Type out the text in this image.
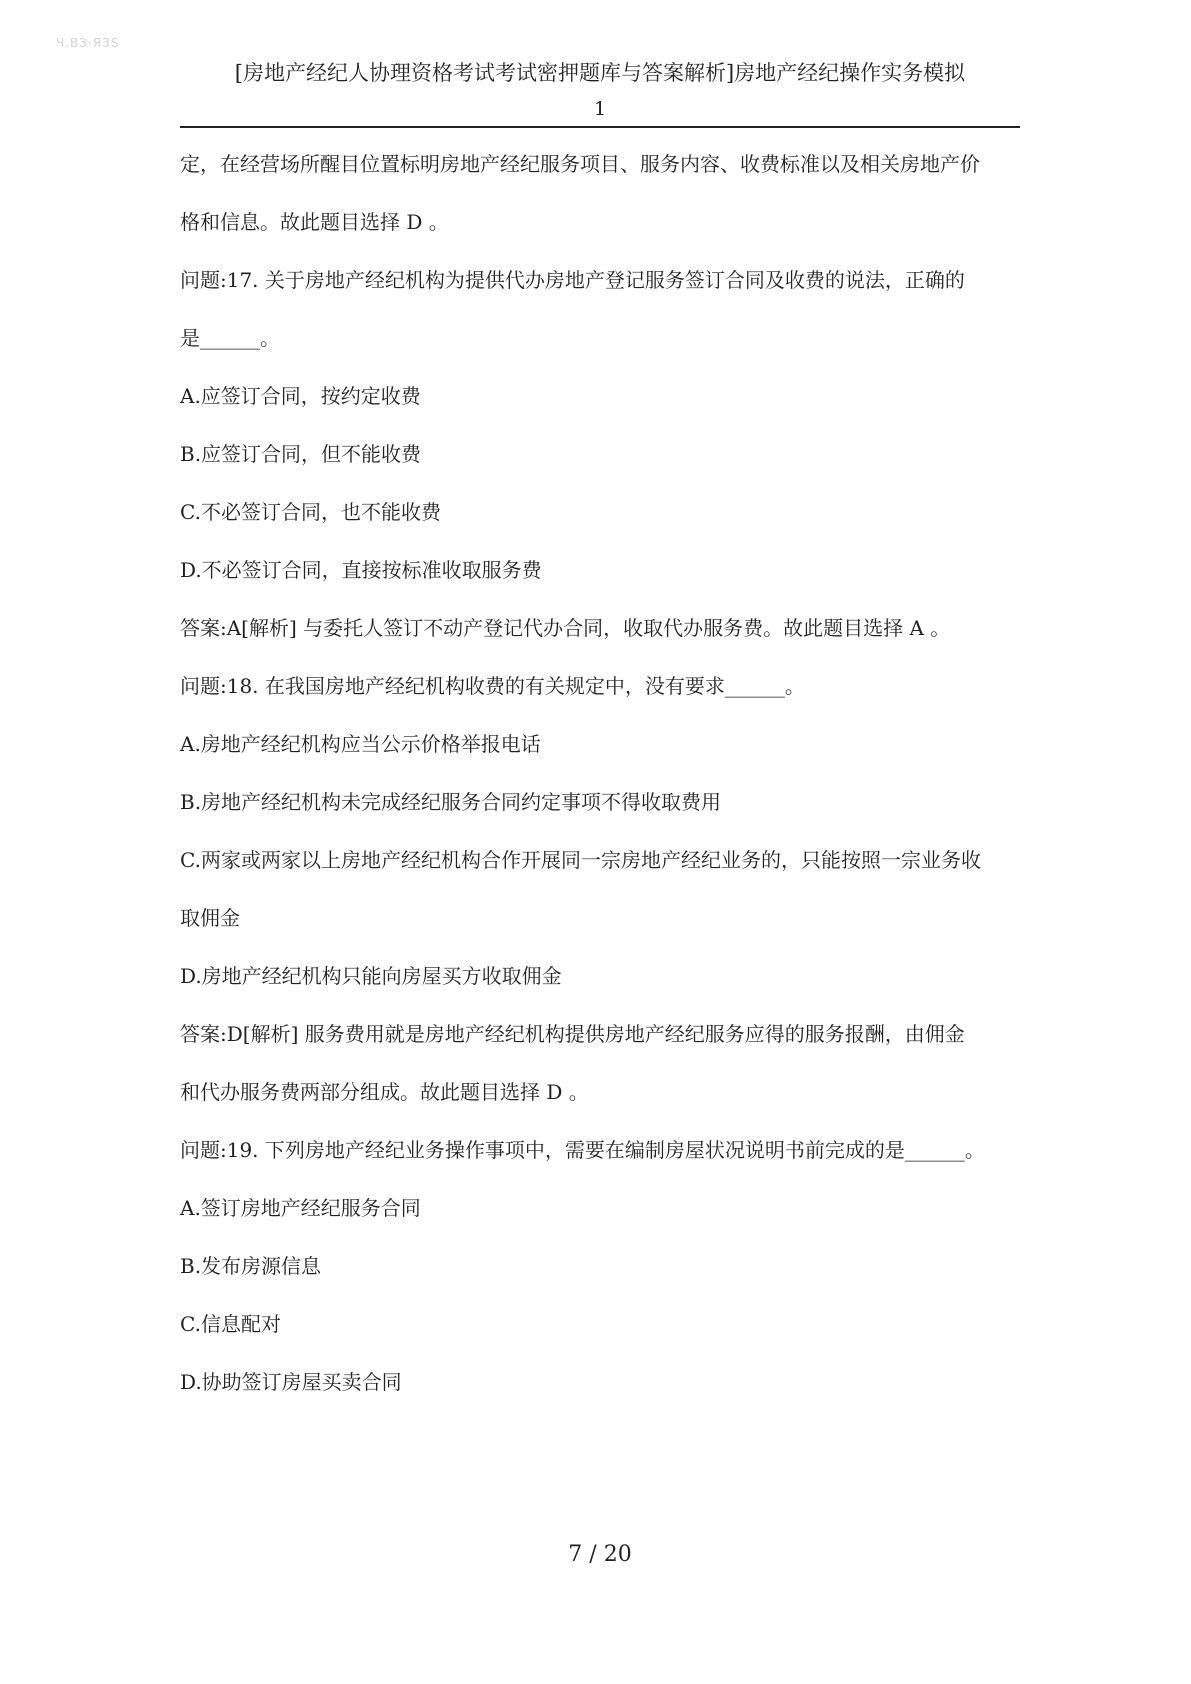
Ч.ВЗ·ЯЗS
[房地产经纪人协理资格考试考试密押题库与答案解析]房地产经纪操作实务模拟
1
定，在经营场所醒目位置标明房地产经纪服务项目、服务内容、收费标准以及相关房地产价
格和信息。故此题目选择 D 。
问题:17. 关于房地产经纪机构为提供代办房地产登记服务签订合同及收费的说法，正确的
是______。
A.应签订合同，按约定收费
B.应签订合同，但不能收费
C.不必签订合同，也不能收费
D.不必签订合同，直接按标准收取服务费
答案:A[解析] 与委托人签订不动产登记代办合同，收取代办服务费。故此题目选择 A 。
问题:18. 在我国房地产经纪机构收费的有关规定中，没有要求______。
A.房地产经纪机构应当公示价格举报电话
B.房地产经纪机构未完成经纪服务合同约定事项不得收取费用
C.两家或两家以上房地产经纪机构合作开展同一宗房地产经纪业务的，只能按照一宗业务收
取佣金
D.房地产经纪机构只能向房屋买方收取佣金
答案:D[解析] 服务费用就是房地产经纪机构提供房地产经纪服务应得的服务报酬，由佣金
和代办服务费两部分组成。故此题目选择 D 。
问题:19. 下列房地产经纪业务操作事项中，需要在编制房屋状况说明书前完成的是______。
A.签订房地产经纪服务合同
B.发布房源信息
C.信息配对
D.协助签订房屋买卖合同
7 / 20
